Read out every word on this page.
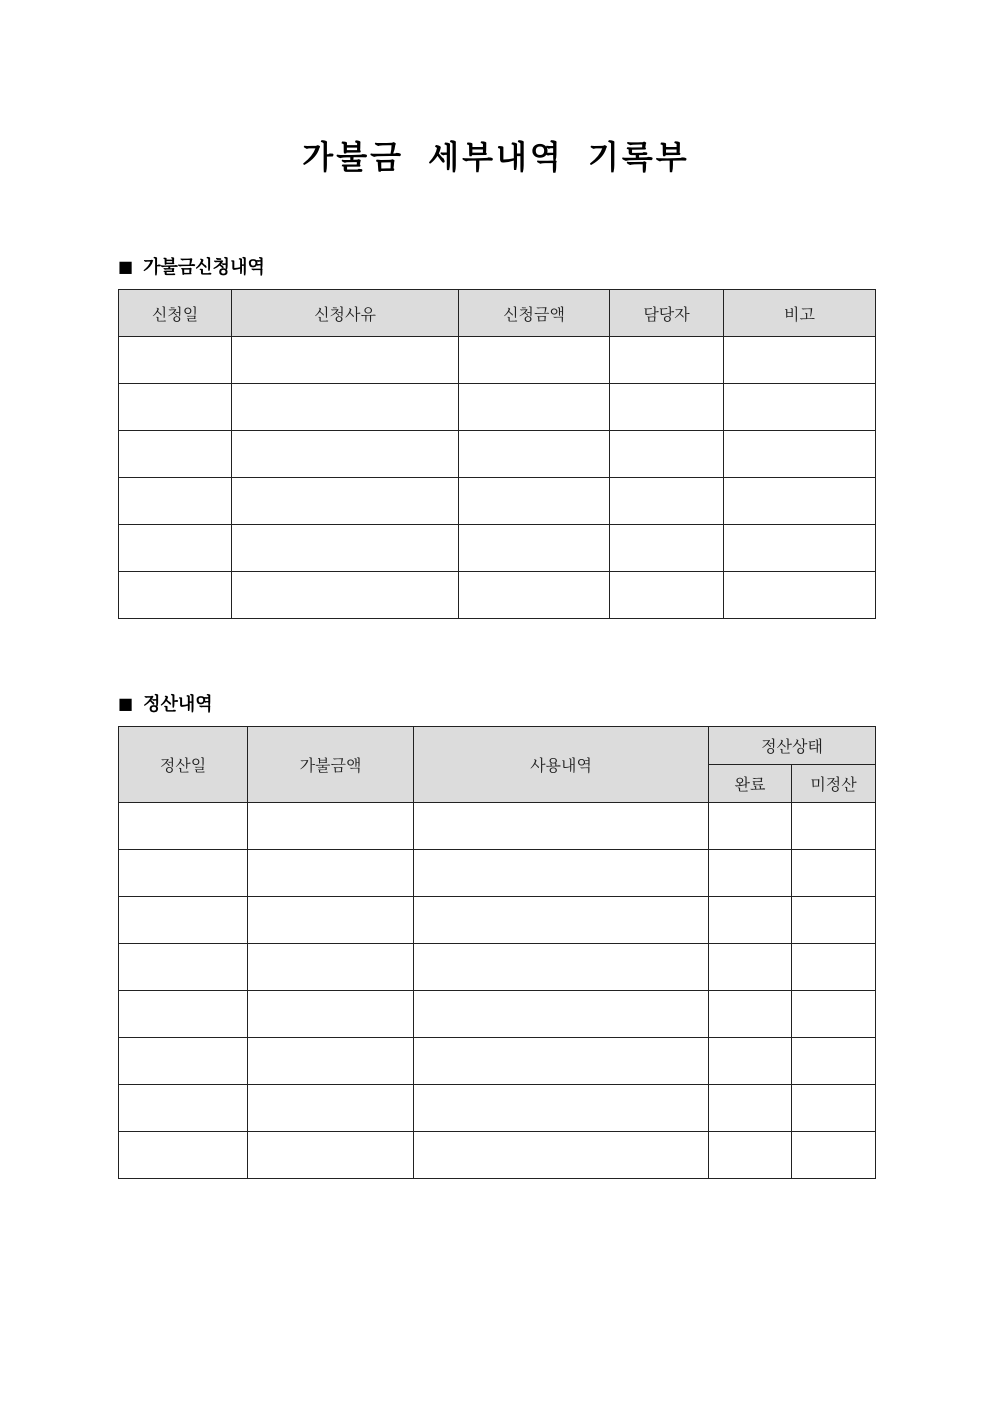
가불금 세부내역 기록부
■ 가불금신청내역
신청일	신청사유	신청금액	담당자	비고

■ 정산내역
정산일	가불금액	사용내역	정산상태	
			완료	미정산
